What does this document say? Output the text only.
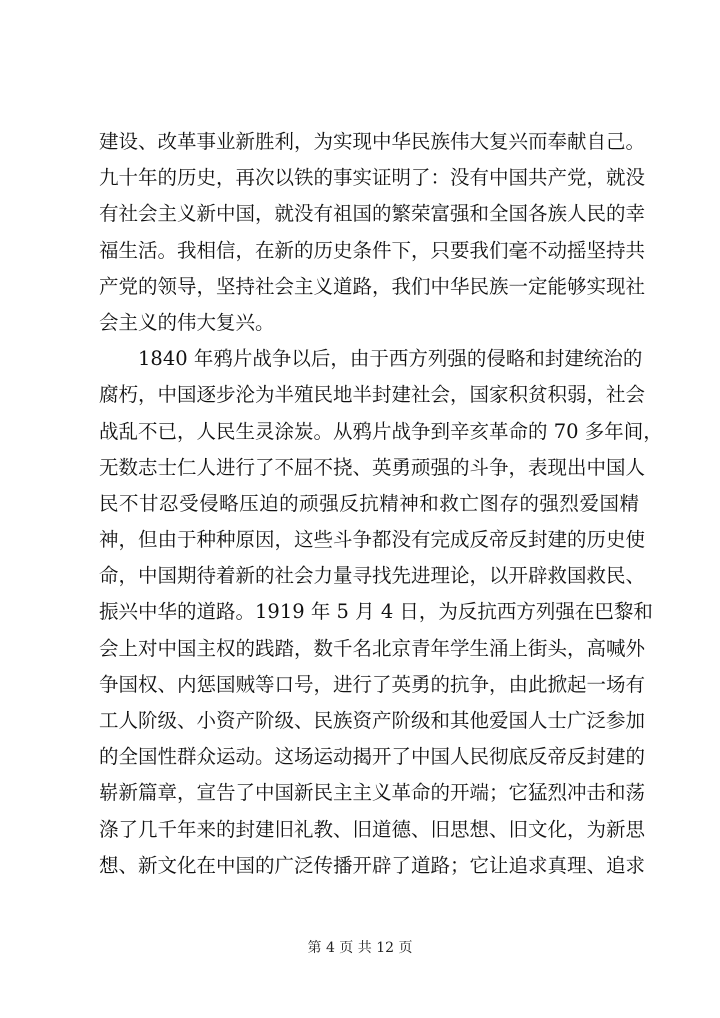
建设、改革事业新胜利，为实现中华民族伟大复兴而奉献自己。
九十年的历史，再次以铁的事实证明了：没有中国共产党，就没
有社会主义新中国，就没有祖国的繁荣富强和全国各族人民的幸
福生活。我相信，在新的历史条件下，只要我们毫不动摇坚持共
产党的领导，坚持社会主义道路，我们中华民族一定能够实现社
会主义的伟大复兴。

1840 年鸦片战争以后，由于西方列强的侵略和封建统治的
腐朽，中国逐步沦为半殖民地半封建社会，国家积贫积弱，社会
战乱不已，人民生灵涂炭。从鸦片战争到辛亥革命的 70 多年间，
无数志士仁人进行了不屈不挠、英勇顽强的斗争，表现出中国人
民不甘忍受侵略压迫的顽强反抗精神和救亡图存的强烈爱国精
神，但由于种种原因，这些斗争都没有完成反帝反封建的历史使
命，中国期待着新的社会力量寻找先进理论，以开辟救国救民、
振兴中华的道路。1919 年 5 月 4 日，为反抗西方列强在巴黎和
会上对中国主权的践踏，数千名北京青年学生涌上街头，高喊外
争国权、内惩国贼等口号，进行了英勇的抗争，由此掀起一场有
工人阶级、小资产阶级、民族资产阶级和其他爱国人士广泛参加
的全国性群众运动。这场运动揭开了中国人民彻底反帝反封建的
崭新篇章，宣告了中国新民主主义革命的开端；它猛烈冲击和荡
涤了几千年来的封建旧礼教、旧道德、旧思想、旧文化，为新思
想、新文化在中国的广泛传播开辟了道路；它让追求真理、追求

第 4 页 共 12 页
